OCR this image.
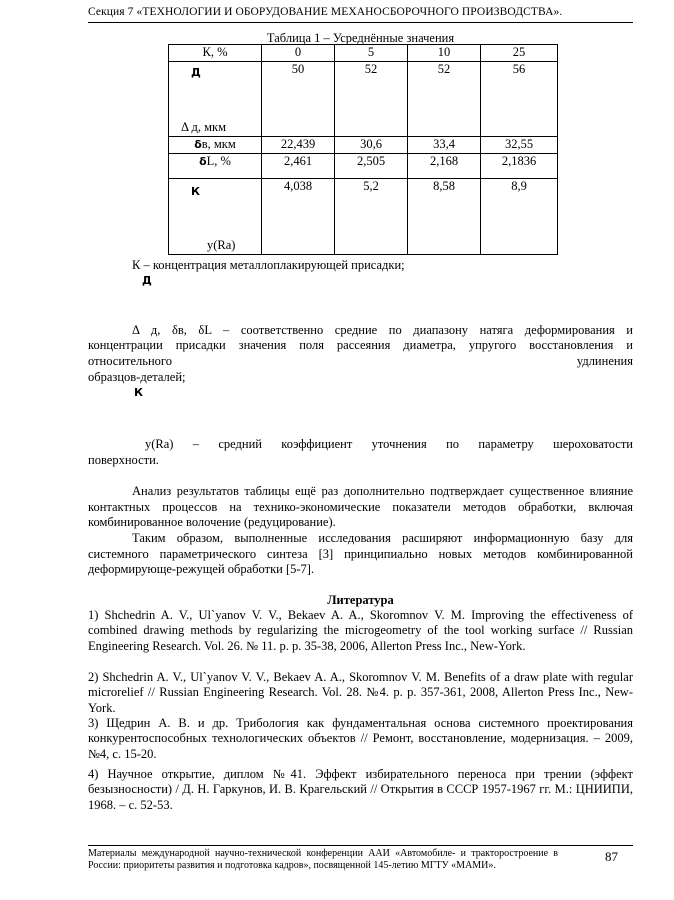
Секция 7 «ТЕХНОЛОГИИ И ОБОРУДОВАНИЕ МЕХАНОСБОРОЧНОГО ПРОИЗВОДСТВА».
Таблица 1 – Усреднённые значения
К, %	0	5	10	25

Д
Δ д, мкм	50	52	52	56
δв, мкм	22,439	30,6	33,4	32,55
δL, %	2,461	2,505	2,168	2,1836

К
у(Ra)	4,038	5,2	8,58	8,9
К – концентрация металлоплакирующей присадки;
Д
Δ д, δв, δL – соответственно средние по диапазону натяга деформирования и
концентрации присадки значения поля рассеяния диаметра, упругого восстановления и
относительного	удлинения
образцов-деталей;
К
у(Ra) – средний коэффициент уточнения по параметру шероховатости
поверхности.
Анализ результатов таблицы ещё раз дополнительно подтверждает существенное влияние контактных процессов на технико-экономические показатели методов обработки, включая комбинированное волочение (редуцирование).
Таким образом, выполненные исследования расширяют информационную базу для системного параметрического синтеза [3] принципиально новых методов комбинированной деформирующе-режущей обработки [5-7].
Литература
1) Shchedrin A. V., Ul`yanov V. V., Bekaev A. A., Skoromnov V. M. Improving the effectiveness of combined drawing methods by regularizing the microgeometry of the tool working surface // Russian Engineering Research. Vol. 26. № 11. p. p. 35-38, 2006, Allerton Press Inc., New-York.
2) Shchedrin A. V., Ul`yanov V. V., Bekaev A. A., Skoromnov V. M. Benefits of a draw plate with regular microrelief // Russian Engineering Research. Vol. 28. №4. p. p. 357-361, 2008, Allerton Press Inc., New-York.
3) Щедрин А. В. и др. Трибология как фундаментальная основа системного проектирования конкурентоспособных технологических объектов // Ремонт, восстановление, модернизация. – 2009, №4, с. 15-20.
4) Научное открытие, диплом №41. Эффект избирательного переноса при трении (эффект безызносности) / Д. Н. Гаркунов, И. В. Крагельский // Открытия в СССР 1957-1967 гг. М.: ЦНИИПИ, 1968. – с. 52-53.
Материалы международной научно-технической конференции ААИ «Автомобиле- и тракторостроение в России: приоритеты развития и подготовка кадров», посвященной 145-летию МГТУ «МАМИ».
87
